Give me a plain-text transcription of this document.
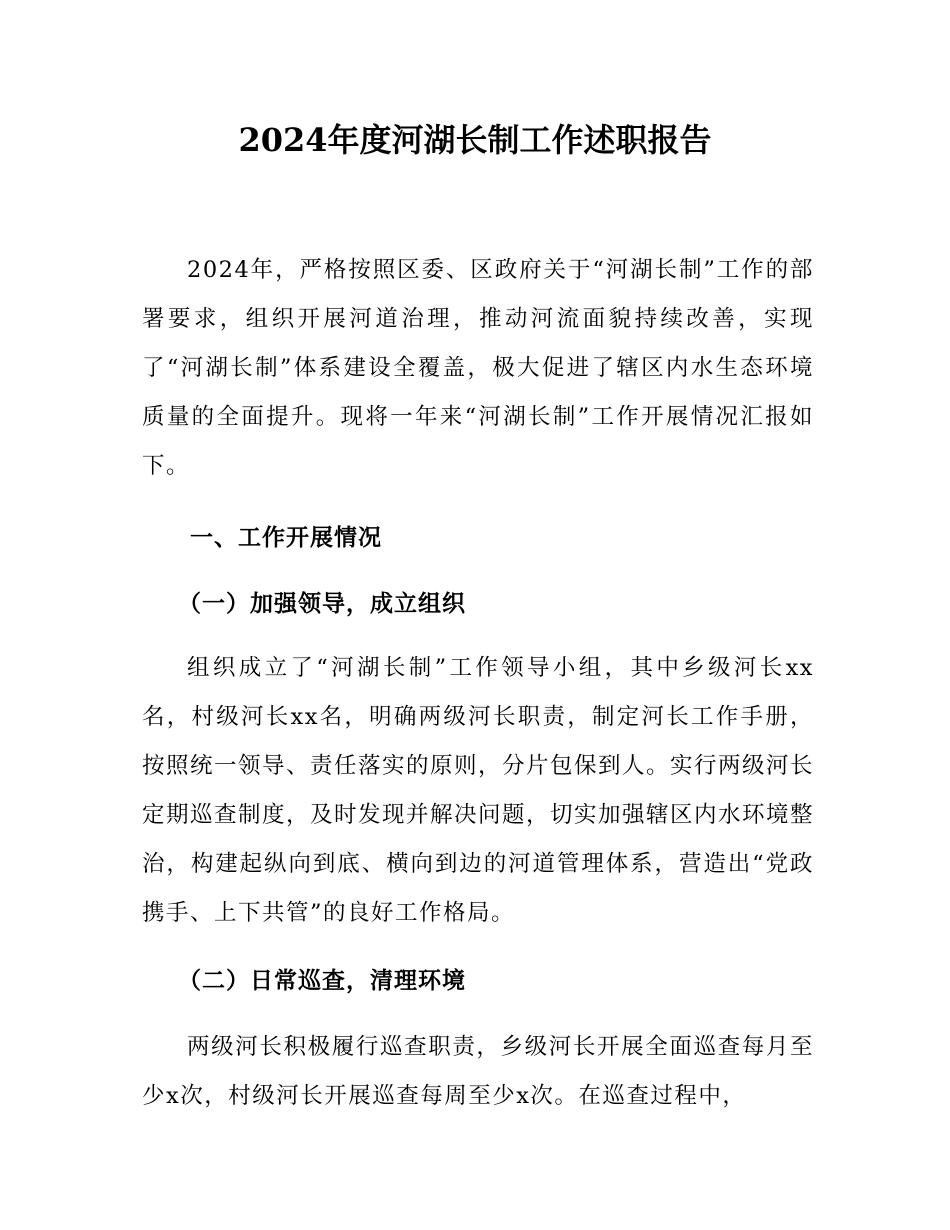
2024年度河湖长制工作述职报告

2024年，严格按照区委、区政府关于“河湖长制”工作的部署要求，组织开展河道治理，推动河流面貌持续改善，实现了“河湖长制”体系建设全覆盖，极大促进了辖区内水生态环境质量的全面提升。现将一年来“河湖长制”工作开展情况汇报如下。

一、工作开展情况
（一）加强领导，成立组织

组织成立了“河湖长制”工作领导小组，其中乡级河长xx名，村级河长xx名，明确两级河长职责，制定河长工作手册，按照统一领导、责任落实的原则，分片包保到人。实行两级河长定期巡查制度，及时发现并解决问题，切实加强辖区内水环境整治，构建起纵向到底、横向到边的河道管理体系，营造出“党政携手、上下共管”的良好工作格局。

（二）日常巡查，清理环境

两级河长积极履行巡查职责，乡级河长开展全面巡查每月至少x次，村级河长开展巡查每周至少x次。在巡查过程中，
